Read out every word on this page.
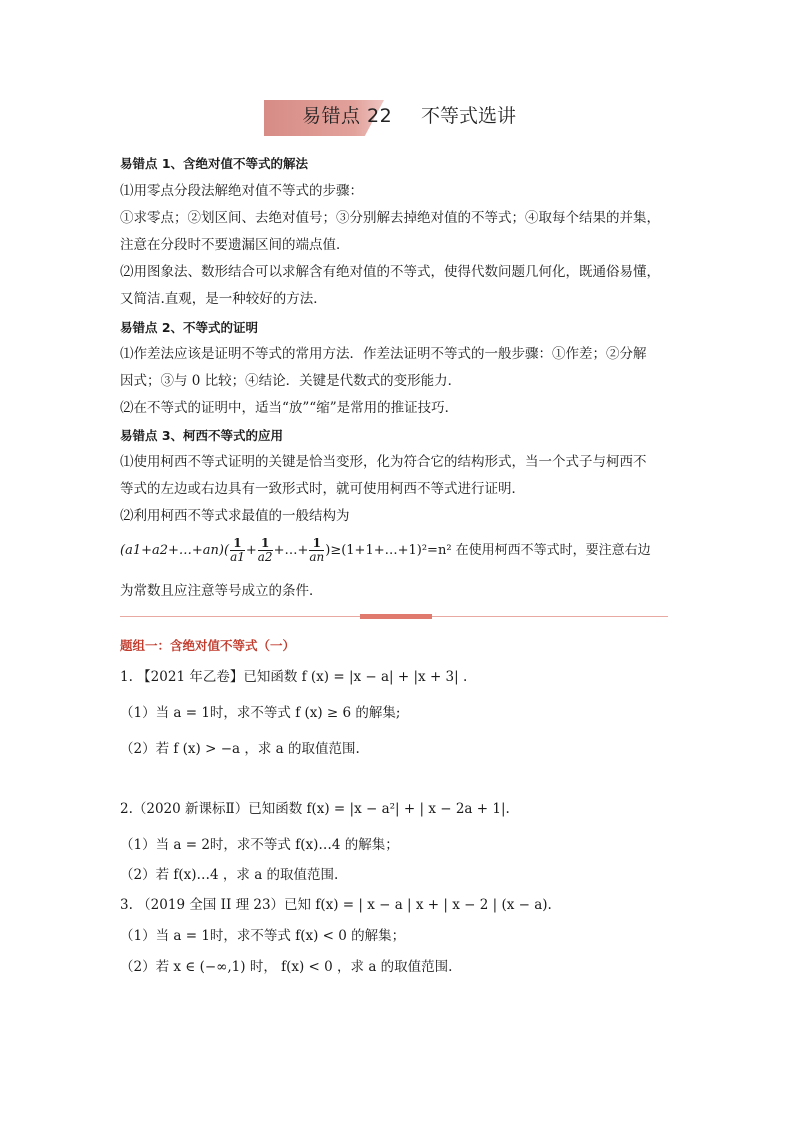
易错点 22 不等式选讲
易错点 1、含绝对值不等式的解法
⑴用零点分段法解绝对值不等式的步骤：
①求零点；②划区间、去绝对值号；③分别解去掉绝对值的不等式；④取每个结果的并集，
注意在分段时不要遗漏区间的端点值．
⑵用图象法、数形结合可以求解含有绝对值的不等式，使得代数问题几何化，既通俗易懂，
又简洁.直观，是一种较好的方法．
易错点 2、不等式的证明
⑴作差法应该是证明不等式的常用方法．作差法证明不等式的一般步骤：①作差；②分解
因式；③与 0 比较；④结论．关键是代数式的变形能力．
⑵在不等式的证明中，适当“放”“缩”是常用的推证技巧．
易错点 3、柯西不等式的应用
⑴使用柯西不等式证明的关键是恰当变形，化为符合它的结构形式，当一个式子与柯西不
等式的左边或右边具有一致形式时，就可使用柯西不等式进行证明．
⑵利用柯西不等式求最值的一般结构为
(a1+a2+…+an)( $\frac{1}{a1} + \frac{1}{a2}$ +…+ $\frac{1}{an}$ )≥(1+1+…+1)²=n² 在使用柯西不等式时，要注意右边
为常数且应注意等号成立的条件．
题组一：含绝对值不等式（一）
1. 【2021 年乙卷】已知函数 f (x) = |x − a| + |x + 3| .
（1）当 a = 1时，求不等式 f (x) ≥ 6 的解集;
（2）若 f (x) > −a ，求 a 的取值范围.
2.（2020 新课标Ⅱ）已知函数 f(x) = |x − a²| + | x − 2a + 1|.
（1）当 a = 2时，求不等式 f(x)…4 的解集；
（2）若 f(x)…4 ，求 a 的取值范围.
3. （2019 全国 II 理 23）已知 f(x) = | x − a | x + | x − 2 | (x − a).
（1）当 a = 1时，求不等式 f(x) < 0 的解集；
（2）若 x ∈ (−∞,1) 时， f(x) < 0 ，求 a 的取值范围.
